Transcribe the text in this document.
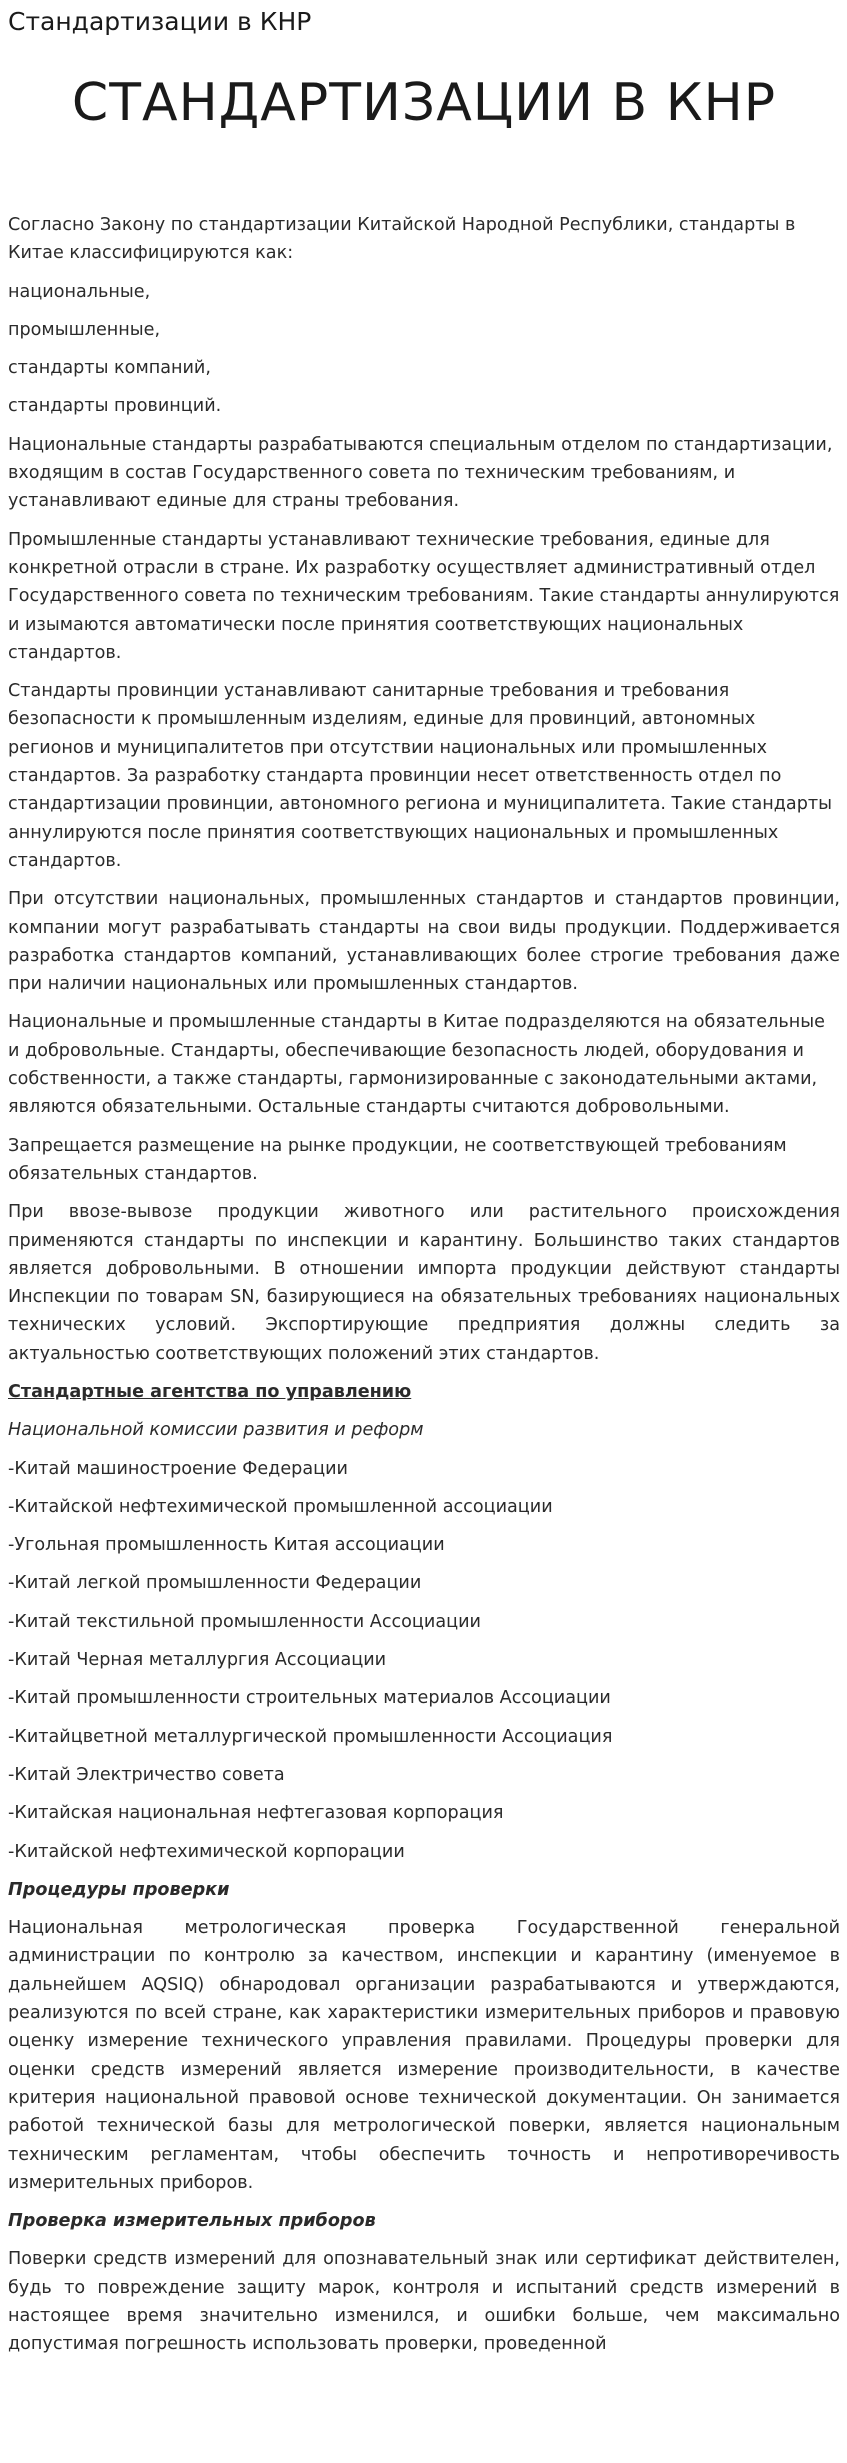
Стандартизации в КНР
СТАНДАРТИЗАЦИИ В КНР

Согласно Закону по стандартизации Китайской Народной Республики, стандарты в Китае классифицируются как:

национальные,

промышленные,

стандарты компаний,

стандарты провинций.

Национальные стандарты разрабатываются специальным отделом по стандартизации, входящим в состав Государственного совета по техническим требованиям, и устанавливают единые для страны требования.

Промышленные стандарты устанавливают технические требования, единые для конкретной отрасли в стране. Их разработку осуществляет административный отдел Государственного совета по техническим требованиям. Такие стандарты аннулируются и изымаются автоматически после принятия соответствующих национальных стандартов.

Стандарты провинции устанавливают санитарные требования и требования безопасности к промышленным изделиям, единые для провинций, автономных регионов и муниципалитетов при отсутствии национальных или промышленных стандартов. За разработку стандарта провинции несет ответственность отдел по стандартизации провинции, автономного региона и муниципалитета. Такие стандарты аннулируются после принятия соответствующих национальных и промышленных стандартов.

При отсутствии национальных, промышленных стандартов и стандартов провинции, компании могут разрабатывать стандарты на свои виды продукции. Поддерживается разработка стандартов компаний, устанавливающих более строгие требования даже при наличии национальных или промышленных стандартов.

Национальные и промышленные стандарты в Китае подразделяются на обязательные и добровольные. Стандарты, обеспечивающие безопасность людей, оборудования и собственности, а также стандарты, гармонизированные с законодательными актами, являются обязательными. Остальные стандарты считаются добровольными.

Запрещается размещение на рынке продукции, не соответствующей требованиям обязательных стандартов.

При ввозе-вывозе продукции животного или растительного происхождения применяются стандарты по инспекции и карантину. Большинство таких стандартов является добровольными. В отношении импорта продукции действуют стандарты Инспекции по товарам SN, базирующиеся на обязательных требованиях национальных технических условий. Экспортирующие предприятия должны следить за актуальностью соответствующих положений этих стандартов.

Стандартные агентства по управлению

Национальной комиссии развития и реформ

-Китай машиностроение Федерации

-Китайской нефтехимической промышленной ассоциации

-Угольная промышленность Китая ассоциации

-Китай легкой промышленности Федерации

-Китай текстильной промышленности Ассоциации

-Китай Черная металлургия Ассоциации

-Китай промышленности строительных материалов Ассоциации

-Китайцветной металлургической промышленности Ассоциация

-Китай Электричество совета

-Китайская национальная нефтегазовая корпорация

-Китайской нефтехимической корпорации

Процедуры проверки

Национальная метрологическая проверка Государственной генеральной администрации по контролю за качеством, инспекции и карантину (именуемое в дальнейшем AQSIQ) обнародовал организации разрабатываются и утверждаются, реализуются по всей стране, как характеристики измерительных приборов и правовую оценку измерение технического управления правилами. Процедуры проверки для оценки средств измерений является измерение производительности, в качестве критерия национальной правовой основе технической документации. Он занимается работой технической базы для метрологической поверки, является национальным техническим регламентам, чтобы обеспечить точность и непротиворечивость измерительных приборов.

Проверка измерительных приборов

Поверки средств измерений для опознавательный знак или сертификат действителен, будь то повреждение защиту марок, контроля и испытаний средств измерений в настоящее время значительно изменился, и ошибки больше, чем максимально допустимая погрешность использовать проверки, проведенной
